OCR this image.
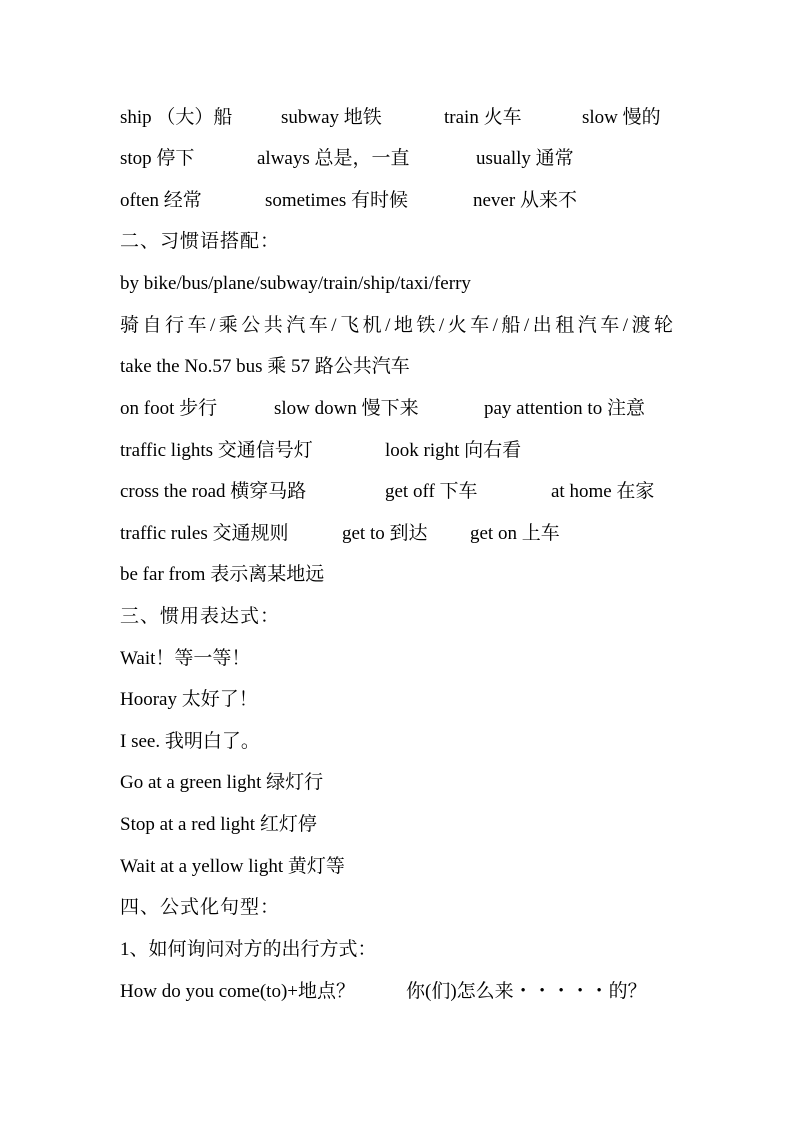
ship （大）船	subway 地铁	train 火车	slow 慢的
stop 停下	always 总是，一直	usually 通常
often 经常	sometimes 有时候	never 从来不
二、习惯语搭配：
by bike/bus/plane/subway/train/ship/taxi/ferry
骑自行车/乘公共汽车/飞机/地铁/火车/船/出租汽车/渡轮
take the No.57 bus 乘 57 路公共汽车
on foot 步行	slow down 慢下来	pay attention to 注意
traffic lights 交通信号灯	look right 向右看
cross the road 横穿马路	get off 下车	at home 在家
traffic rules 交通规则	get to 到达 get on 上车
be far from 表示离某地远
三、惯用表达式：
Wait！等一等！
Hooray 太好了！
I see. 我明白了。
Go at a green light 绿灯行
Stop at a red light 红灯停
Wait at a yellow light 黄灯等
四、公式化句型：
1、如何询问对方的出行方式：
How do you come(to)+地点？	你(们)怎么来・・・・・的？
